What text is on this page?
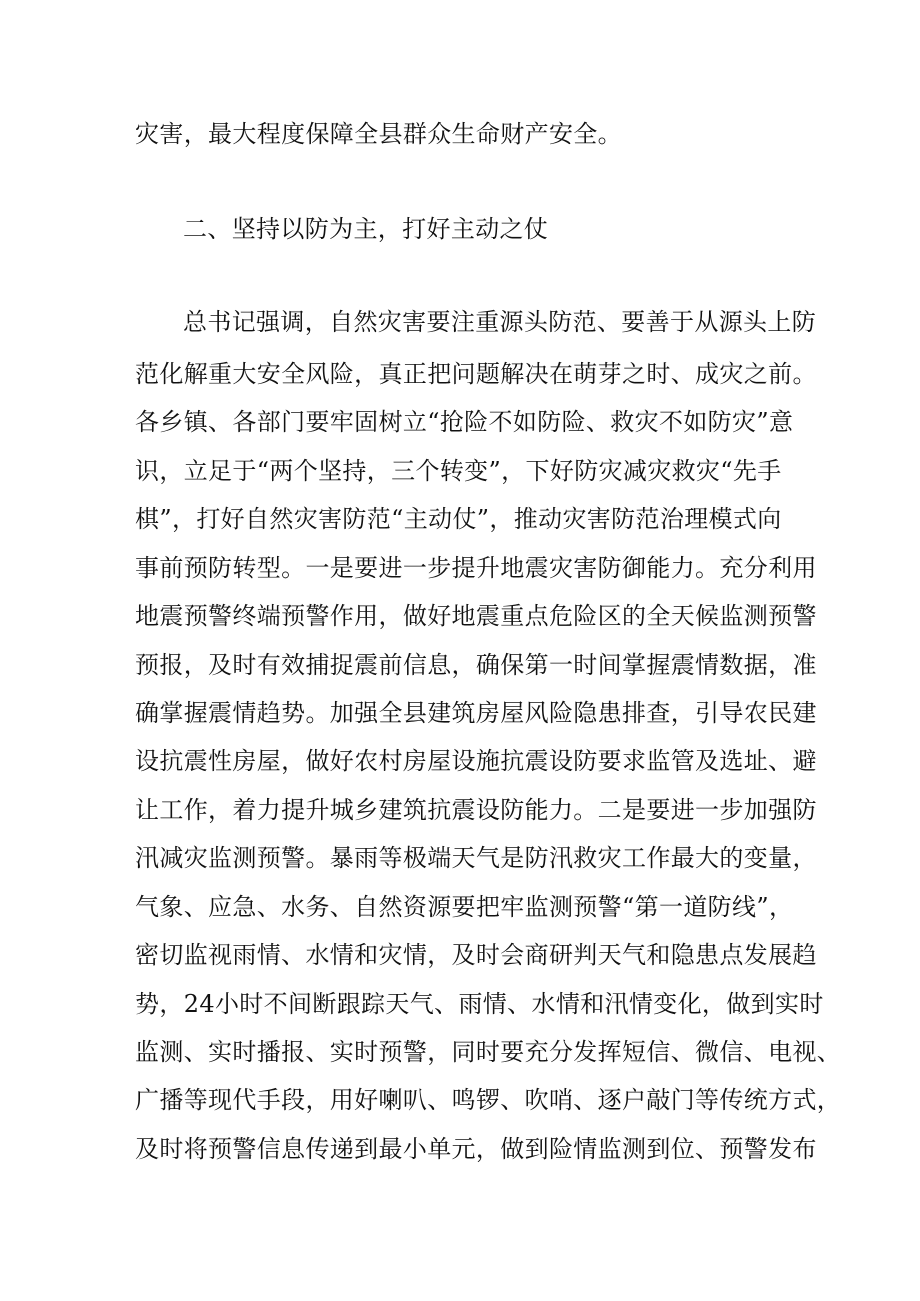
灾害，最大程度保障全县群众生命财产安全。

二、坚持以防为主，打好主动之仗

总书记强调，自然灾害要注重源头防范、要善于从源头上防

范化解重大安全风险，真正把问题解决在萌芽之时、成灾之前。

各乡镇、各部门要牢固树立“抢险不如防险、救灾不如防灾”意

识，立足于“两个坚持，三个转变”，下好防灾减灾救灾“先手

棋”，打好自然灾害防范“主动仗”，推动灾害防范治理模式向

事前预防转型。一是要进一步提升地震灾害防御能力。充分利用

地震预警终端预警作用，做好地震重点危险区的全天候监测预警

预报，及时有效捕捉震前信息，确保第一时间掌握震情数据，准

确掌握震情趋势。加强全县建筑房屋风险隐患排查，引导农民建

设抗震性房屋，做好农村房屋设施抗震设防要求监管及选址、避

让工作，着力提升城乡建筑抗震设防能力。二是要进一步加强防

汛减灾监测预警。暴雨等极端天气是防汛救灾工作最大的变量，

气象、应急、水务、自然资源要把牢监测预警“第一道防线”，

密切监视雨情、水情和灾情，及时会商研判天气和隐患点发展趋

势，24小时不间断跟踪天气、雨情、水情和汛情变化，做到实时

监测、实时播报、实时预警，同时要充分发挥短信、微信、电视、

广播等现代手段，用好喇叭、鸣锣、吹哨、逐户敲门等传统方式，

及时将预警信息传递到最小单元，做到险情监测到位、预警发布
